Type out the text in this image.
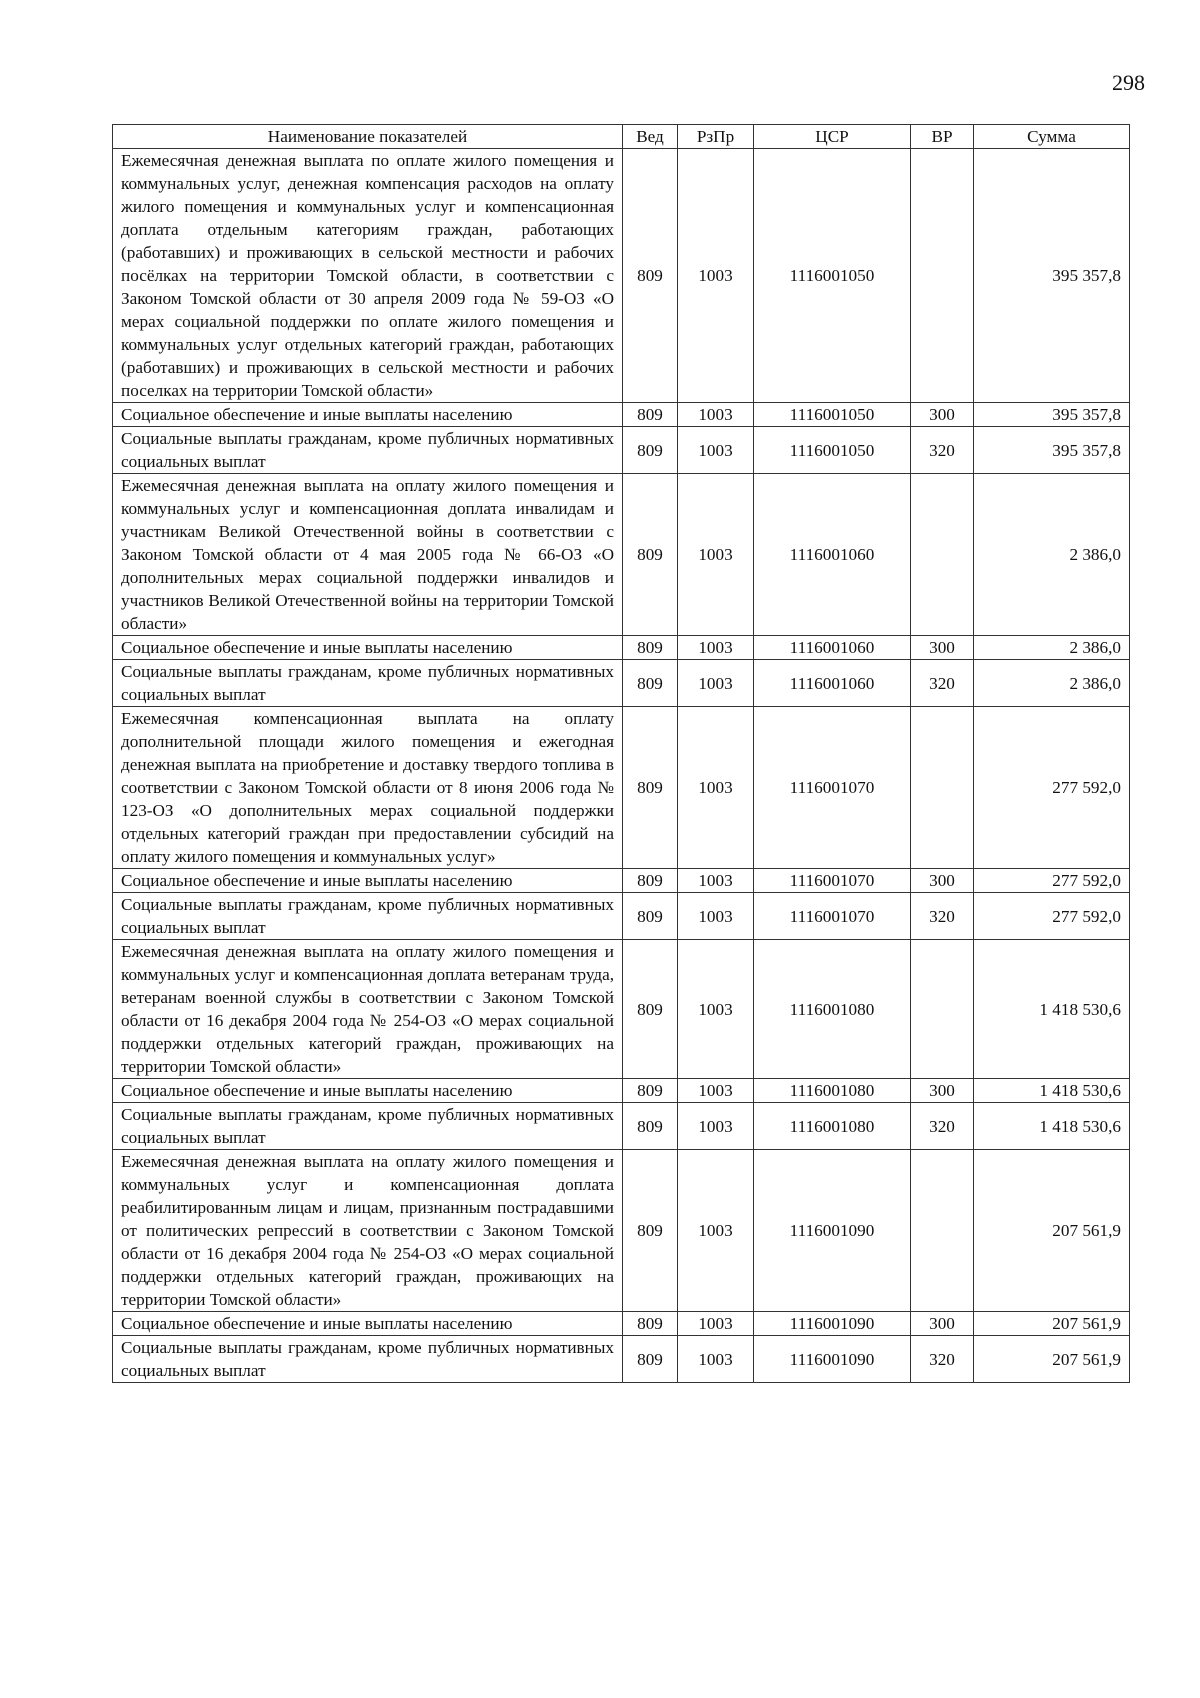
298
Наименование показателей	Вед	РзПр	ЦСР	ВР	Сумма
Ежемесячная денежная выплата по оплате жилого помещения и коммунальных услуг, денежная компенсация расходов на оплату жилого помещения и коммунальных услуг и компенсационная доплата отдельным категориям граждан, работающих (работавших) и проживающих в сельской местности и рабочих посёлках на территории Томской области, в соответствии с Законом Томской области от 30 апреля 2009 года № 59-ОЗ «О мерах социальной поддержки по оплате жилого помещения и коммунальных услуг отдельных категорий граждан, работающих (работавших) и проживающих в сельской местности и рабочих поселках на территории Томской области»	809	1003	1116001050		395 357,8
Социальное обеспечение и иные выплаты населению	809	1003	1116001050	300	395 357,8
Социальные выплаты гражданам, кроме публичных нормативных социальных выплат	809	1003	1116001050	320	395 357,8
Ежемесячная денежная выплата на оплату жилого помещения и коммунальных услуг и компенсационная доплата инвалидам и участникам Великой Отечественной войны в соответствии с Законом Томской области от 4 мая 2005 года № 66-ОЗ «О дополнительных мерах социальной поддержки инвалидов и участников Великой Отечественной войны на территории Томской области»	809	1003	1116001060		2 386,0
Социальное обеспечение и иные выплаты населению	809	1003	1116001060	300	2 386,0
Социальные выплаты гражданам, кроме публичных нормативных социальных выплат	809	1003	1116001060	320	2 386,0
Ежемесячная компенсационная выплата на оплату дополнительной площади жилого помещения и ежегодная денежная выплата на приобретение и доставку твердого топлива в соответствии с Законом Томской области от 8 июня 2006 года № 123-ОЗ «О дополнительных мерах социальной поддержки отдельных категорий граждан при предоставлении субсидий на оплату жилого помещения и коммунальных услуг»	809	1003	1116001070		277 592,0
Социальное обеспечение и иные выплаты населению	809	1003	1116001070	300	277 592,0
Социальные выплаты гражданам, кроме публичных нормативных социальных выплат	809	1003	1116001070	320	277 592,0
Ежемесячная денежная выплата на оплату жилого помещения и коммунальных услуг и компенсационная доплата ветеранам труда, ветеранам военной службы в соответствии с Законом Томской области от 16 декабря 2004 года № 254-ОЗ «О мерах социальной поддержки отдельных категорий граждан, проживающих на территории Томской области»	809	1003	1116001080		1 418 530,6
Социальное обеспечение и иные выплаты населению	809	1003	1116001080	300	1 418 530,6
Социальные выплаты гражданам, кроме публичных нормативных социальных выплат	809	1003	1116001080	320	1 418 530,6
Ежемесячная денежная выплата на оплату жилого помещения и коммунальных услуг и компенсационная доплата реабилитированным лицам и лицам, признанным пострадавшими от политических репрессий в соответствии с Законом Томской области от 16 декабря 2004 года № 254-ОЗ «О мерах социальной поддержки отдельных категорий граждан, проживающих на территории Томской области»	809	1003	1116001090		207 561,9
Социальное обеспечение и иные выплаты населению	809	1003	1116001090	300	207 561,9
Социальные выплаты гражданам, кроме публичных нормативных социальных выплат	809	1003	1116001090	320	207 561,9
